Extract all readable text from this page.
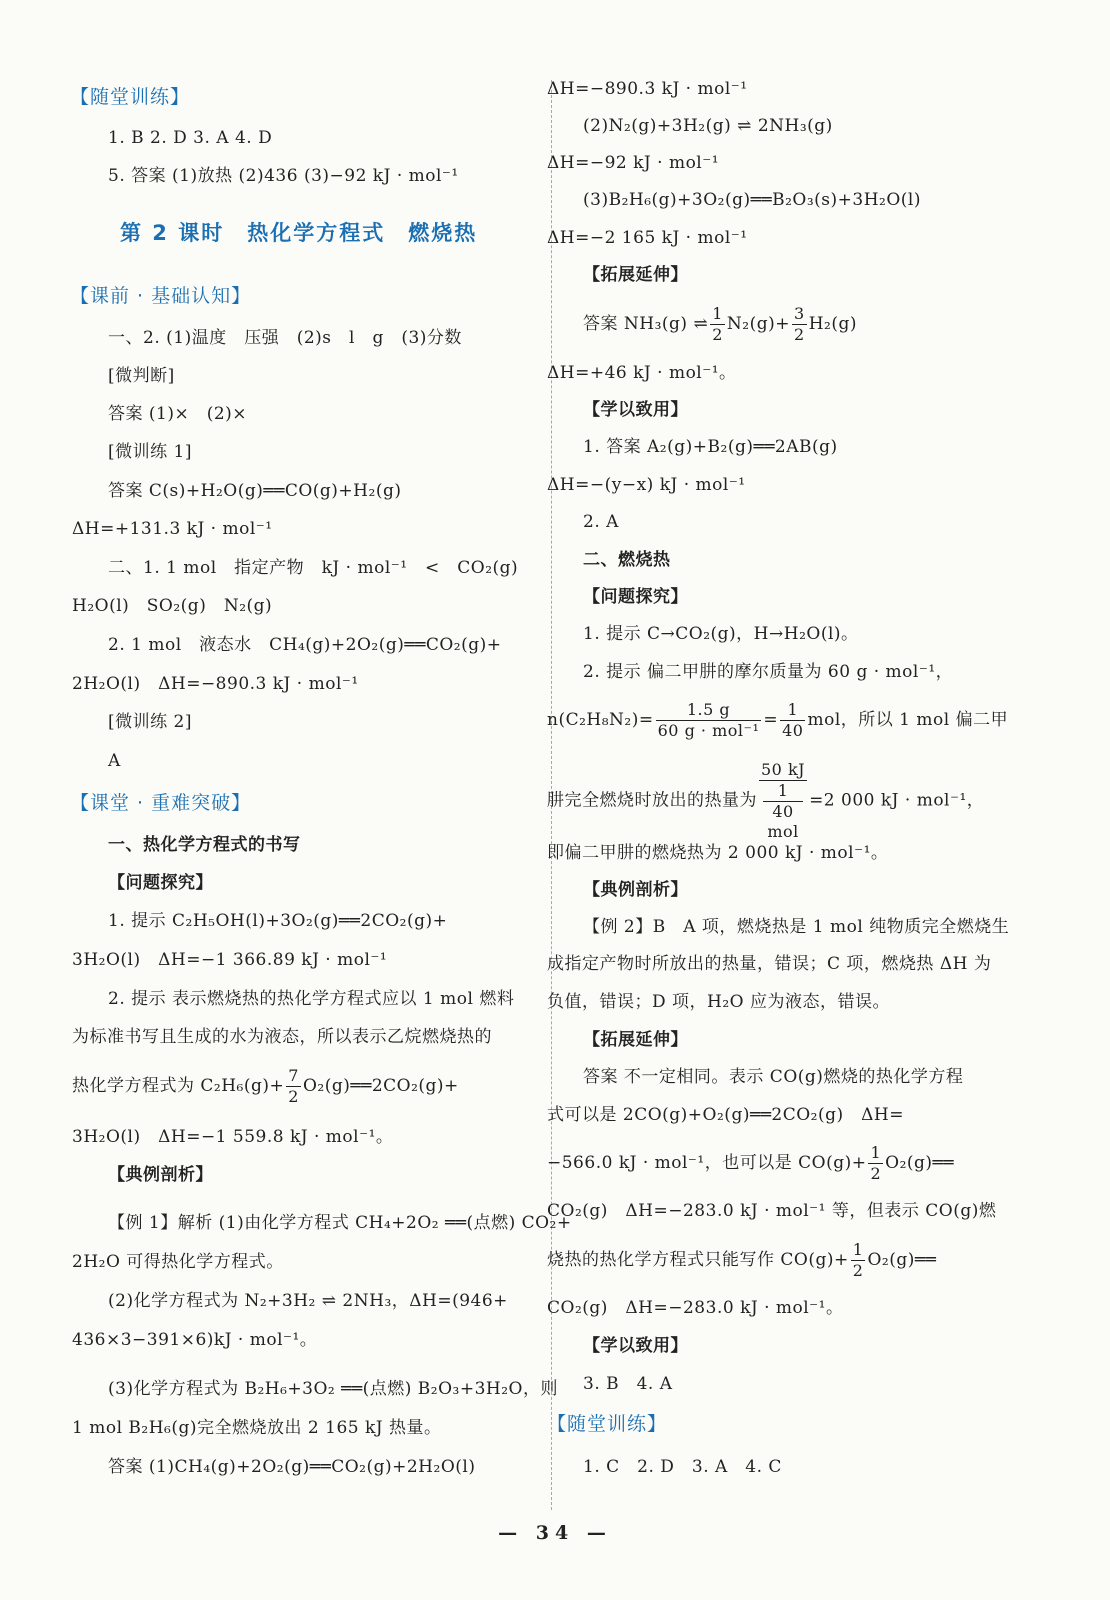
【随堂训练】
1. B 2. D 3. A 4. D
5. 答案 (1)放热 (2)436 (3)−92 kJ · mol⁻¹
第 2 课时　热化学方程式　燃烧热
【课前 · 基础认知】
一、2. (1)温度　压强　(2)s　l　g　(3)分数
[微判断]
答案 (1)×　(2)×
[微训练 1]
答案 C(s)+H₂O(g)══CO(g)+H₂(g)
ΔH=+131.3 kJ · mol⁻¹
二、1. 1 mol　指定产物　kJ · mol⁻¹　<　CO₂(g)
H₂O(l)　SO₂(g)　N₂(g)
2. 1 mol　液态水　CH₄(g)+2O₂(g)══CO₂(g)+
2H₂O(l)　ΔH=−890.3 kJ · mol⁻¹
[微训练 2]
A
【课堂 · 重难突破】
一、热化学方程式的书写
【问题探究】
1. 提示 C₂H₅OH(l)+3O₂(g)══2CO₂(g)+
3H₂O(l)　ΔH=−1 366.89 kJ · mol⁻¹
2. 提示 表示燃烧热的热化学方程式应以 1 mol 燃料
为标准书写且生成的水为液态，所以表示乙烷燃烧热的
热化学方程式为 $C_2H_6(g)+ \frac{7}{2}$ O₂(g)══2CO₂(g)+
3H₂O(l)　ΔH=−1 559.8 kJ · mol⁻¹。
【典例剖析】
【例 1】解析 (1)由化学方程式 CH₄+2O₂ ══(点燃) CO₂+
2H₂O 可得热化学方程式。
(2)化学方程式为 N₂+3H₂ ⇌ 2NH₃，ΔH=(946+
436×3−391×6)kJ · mol⁻¹。
(3)化学方程式为 B₂H₆+3O₂ ══(点燃) B₂O₃+3H₂O，则
1 mol B₂H₆(g)完全燃烧放出 2 165 kJ 热量。
答案 (1)CH₄(g)+2O₂(g)══CO₂(g)+2H₂O(l)
ΔH=−890.3 kJ · mol⁻¹
(2)N₂(g)+3H₂(g) ⇌ 2NH₃(g)
ΔH=−92 kJ · mol⁻¹
(3)B₂H₆(g)+3O₂(g)══B₂O₃(s)+3H₂O(l)
ΔH=−2 165 kJ · mol⁻¹
【拓展延伸】
答案 NH₃(g) ⇌ $\frac{1}{2} N_2(g)+ \frac{3}{2} H_2(g)$
ΔH=+46 kJ · mol⁻¹。
【学以致用】
1. 答案 A₂(g)+B₂(g)══2AB(g)
ΔH=−(y−x) kJ · mol⁻¹
2. A
二、燃烧热
【问题探究】
1. 提示 C→CO₂(g)，H→H₂O(l)。
2. 提示 偏二甲肼的摩尔质量为 60 g · mol⁻¹，
$n(C_2H_8N_2)= \frac{1.5 g}{\text{60 g · mol⁻¹}} = \frac{1}{40}$ mol，所以 1 mol 偏二甲
肼完全燃烧时放出的热量为 50 kJ
1
40
mol =2 000 kJ · mol⁻¹，
即偏二甲肼的燃烧热为 2 000 kJ · mol⁻¹。
【典例剖析】
【例 2】B　A 项，燃烧热是 1 mol 纯物质完全燃烧生
成指定产物时所放出的热量，错误；C 项，燃烧热 ΔH 为
负值，错误；D 项，H₂O 应为液态，错误。
【拓展延伸】
答案 不一定相同。表示 CO(g)燃烧的热化学方程
式可以是 2CO(g)+O₂(g)══2CO₂(g)　ΔH=
−566.0 kJ · mol⁻¹，也可以是 $CO(g)+ \frac{1}{2}$ O₂(g)══
CO₂(g)　ΔH=−283.0 kJ · mol⁻¹ 等，但表示 CO(g)燃
烧热的热化学方程式只能写作 $CO(g)+ \frac{1}{2}$ O₂(g)══
CO₂(g)　ΔH=−283.0 kJ · mol⁻¹。
【学以致用】
3. B　4. A
【随堂训练】
1. C　2. D　3. A　4. C
— 34 —
